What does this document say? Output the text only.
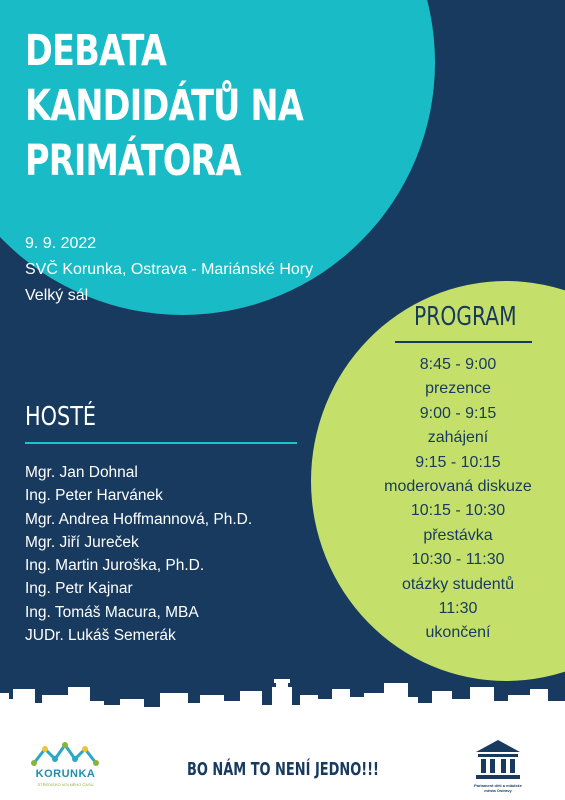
DEBATA
KANDIDÁTŮ NA
PRIMÁTORA
9. 9. 2022
SVČ Korunka, Ostrava - Mariánské Hory
Velký sál
HOSTÉ
Mgr. Jan Dohnal
Ing. Peter Harvánek
Mgr. Andrea Hoffmannová, Ph.D.
Mgr. Jiří Jureček
Ing. Martin Juroška, Ph.D.
Ing. Petr Kajnar
Ing. Tomáš Macura, MBA
JUDr. Lukáš Semerák
PROGRAM
8:45 - 9:00
prezence
9:00 - 9:15
zahájení
9:15 - 10:15
moderovaná diskuze
10:15 - 10:30
přestávka
10:30 - 11:30
otázky studentů
11:30
ukončení
KORUNKA
STŘEDISKO VOLNÉHO ČASU
BO NÁM TO NENÍ JEDNO!!!
Parlament dětí a mládeže města Ostravy
